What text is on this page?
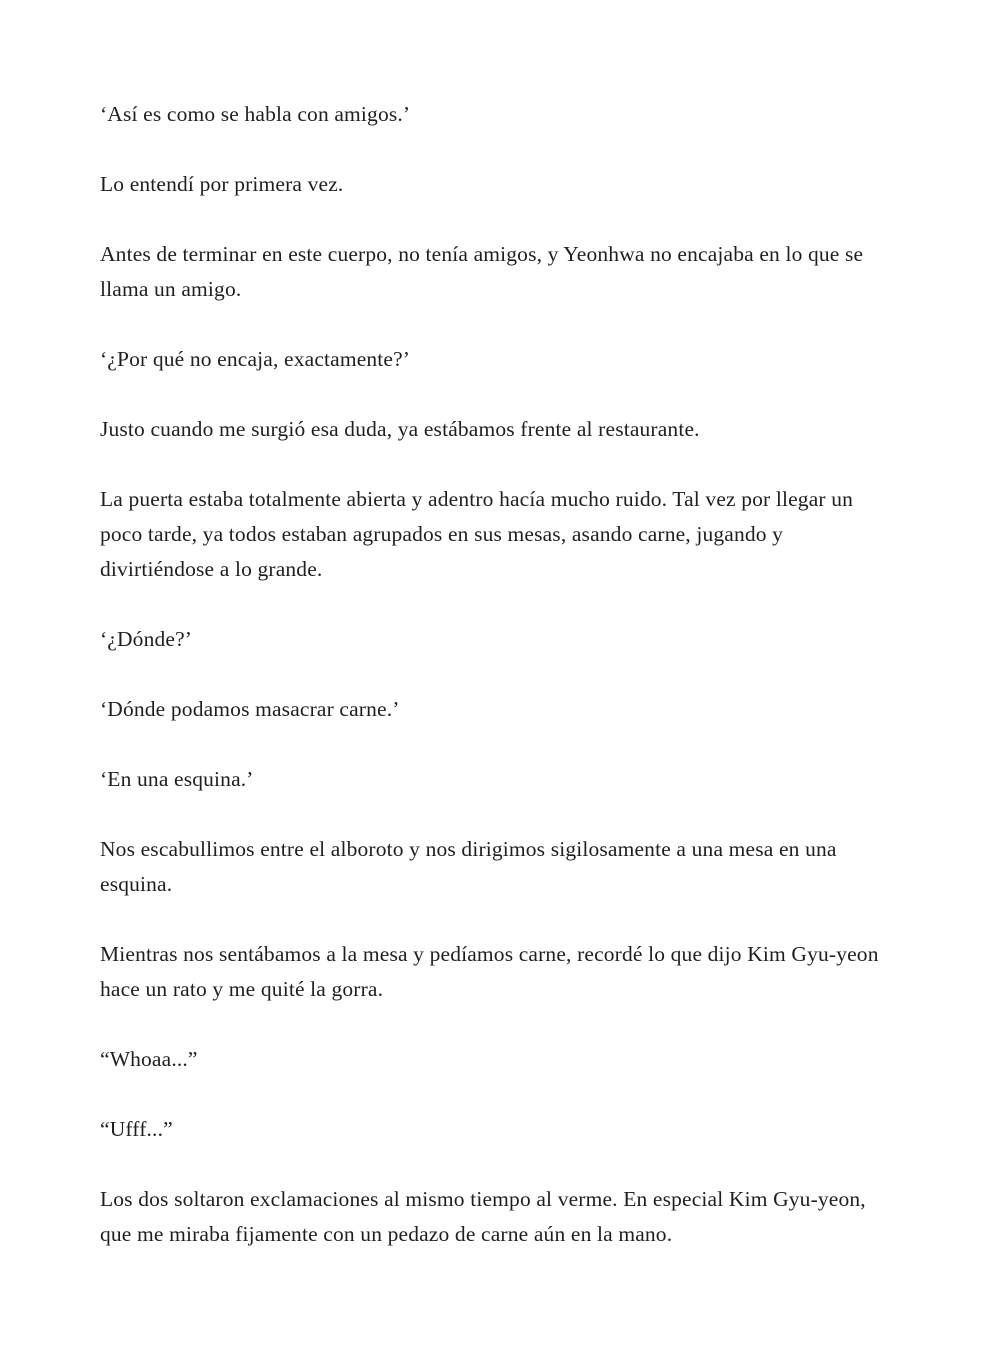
‘Así es como se habla con amigos.’

Lo entendí por primera vez.

Antes de terminar en este cuerpo, no tenía amigos, y Yeonhwa no encajaba en lo que se llama un amigo.

‘¿Por qué no encaja, exactamente?’

Justo cuando me surgió esa duda, ya estábamos frente al restaurante.

La puerta estaba totalmente abierta y adentro hacía mucho ruido. Tal vez por llegar un poco tarde, ya todos estaban agrupados en sus mesas, asando carne, jugando y divirtiéndose a lo grande.

‘¿Dónde?’

‘Dónde podamos masacrar carne.’

‘En una esquina.’

Nos escabullimos entre el alboroto y nos dirigimos sigilosamente a una mesa en una esquina.

Mientras nos sentábamos a la mesa y pedíamos carne, recordé lo que dijo Kim Gyu-yeon hace un rato y me quité la gorra.

“Whoaa...”

“Ufff...”

Los dos soltaron exclamaciones al mismo tiempo al verme. En especial Kim Gyu-yeon, que me miraba fijamente con un pedazo de carne aún en la mano.
